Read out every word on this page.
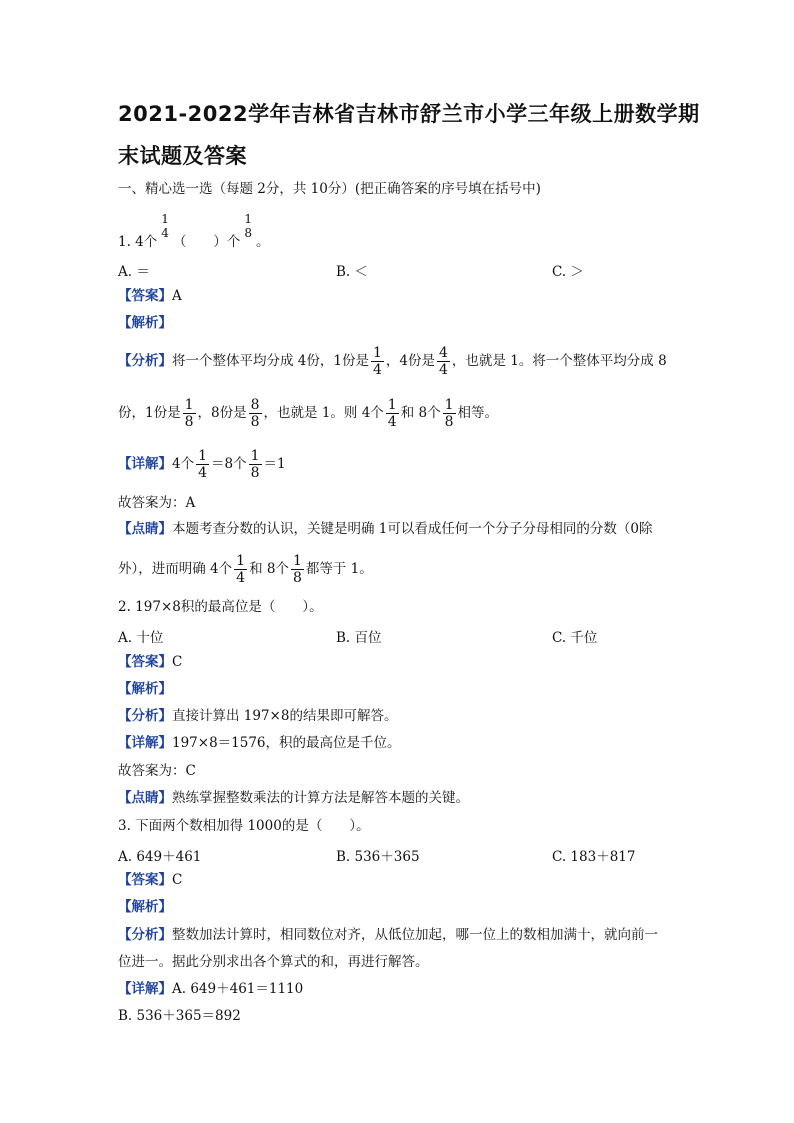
2021-2022学年吉林省吉林市舒兰市小学三年级上册数学期
末试题及答案
一、精心选一选（每题 2分，共 10分）(把正确答案的序号填在括号中)
1. 4个
1
4
（　　）个
1
8
。
A. ＝	B. ＜	C. ＞
【答案】A
【解析】
【分析】将一个整体平均分成 4份，1份是 $\frac{1}{4}$ ，4份是 $\frac{4}{4}$ ，也就是 1。将一个整体平均分成 8
份，1份是 $\frac{1}{8}$ ，8份是 $\frac{8}{8}$ ，也就是 1。则 4个 $\frac{1}{4}$ 和 8个 $\frac{1}{8}$ 相等。
【详解】4个 $\frac{1}{4} =8$个 $\frac{1}{8} =1$
故答案为：A
【点睛】本题考查分数的认识，关键是明确 1可以看成任何一个分子分母相同的分数（0除
外），进而明确 4个 $\frac{1}{4}$ 和 8个 $\frac{1}{8}$ 都等于 1。
2. 197×8积的最高位是（　　）。
A. 十位	B. 百位	C. 千位
【答案】C
【解析】
【分析】直接计算出 197×8的结果即可解答。
【详解】197×8＝1576，积的最高位是千位。
故答案为：C
【点睛】熟练掌握整数乘法的计算方法是解答本题的关键。
3. 下面两个数相加得 1000的是（　　）。
A. 649＋461	B. 536＋365	C. 183＋817
【答案】C
【解析】
【分析】整数加法计算时，相同数位对齐，从低位加起，哪一位上的数相加满十，就向前一
位进一。据此分别求出各个算式的和，再进行解答。
【详解】A. 649＋461＝1110
B. 536＋365＝892
